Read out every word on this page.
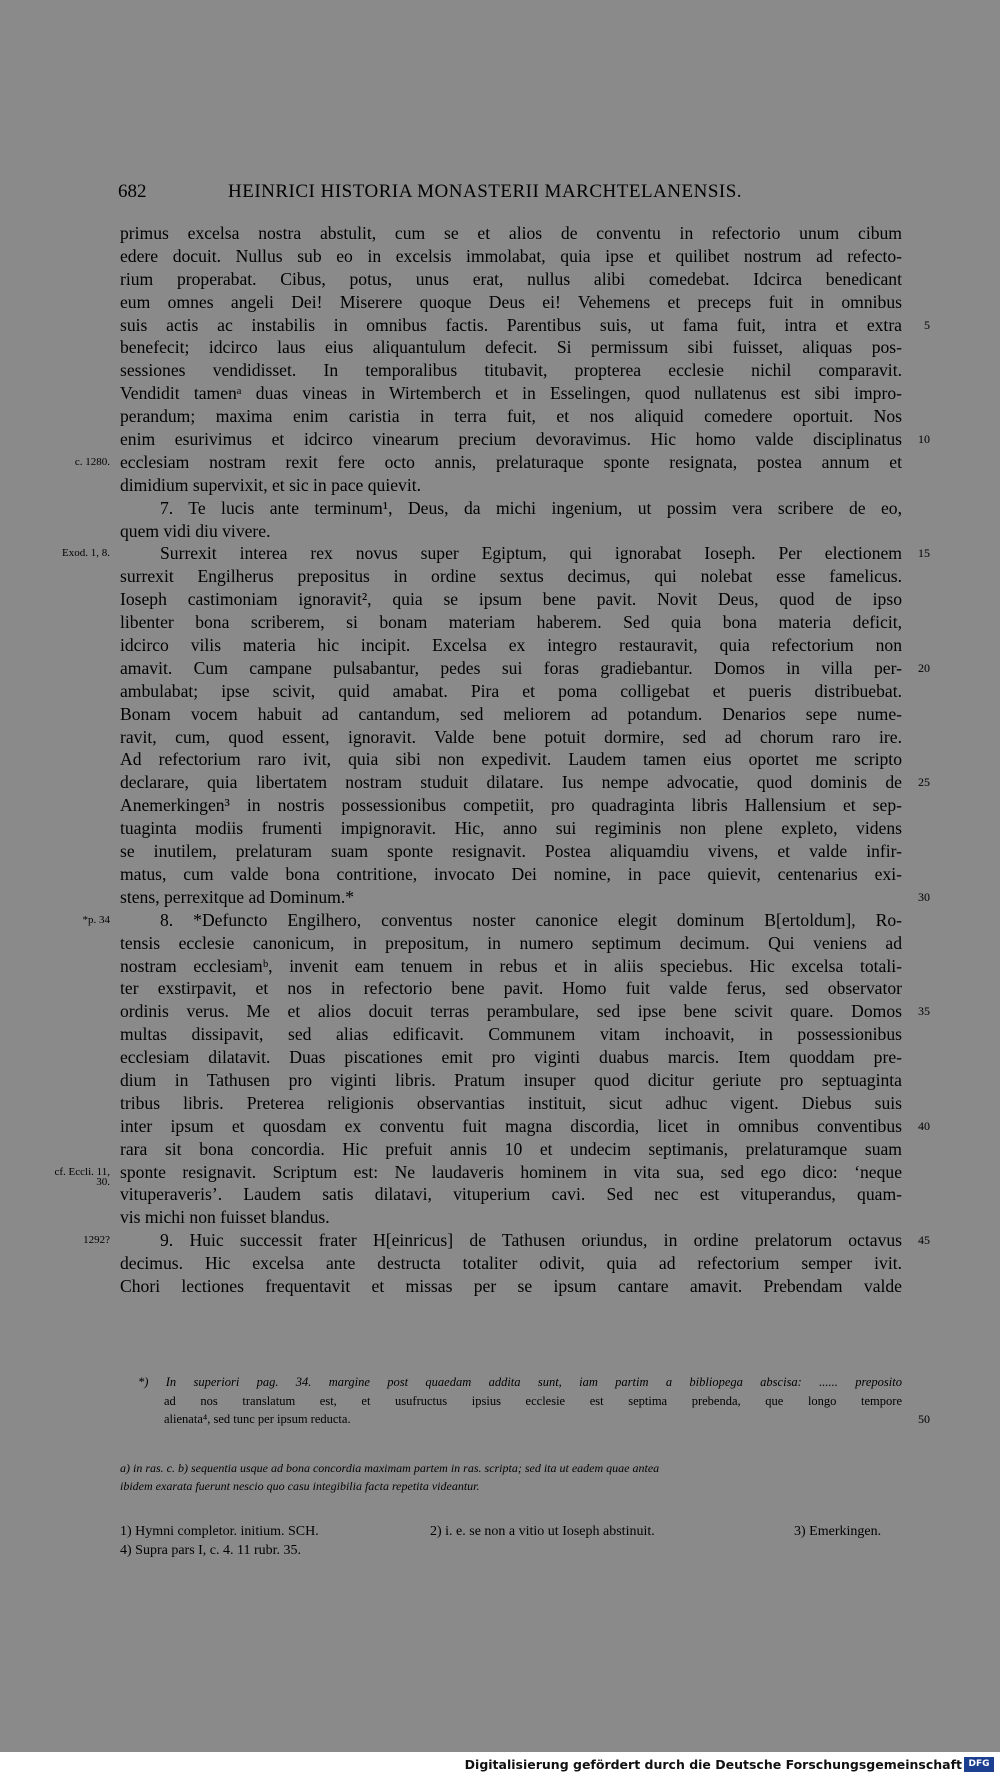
682	HEINRICI HISTORIA MONASTERII MARCHTELANENSIS.
primus excelsa nostra abstulit, cum se et alios de conventu in refectorio unum cibum
edere docuit. Nullus sub eo in excelsis immolabat, quia ipse et quilibet nostrum ad refecto-
rium properabat. Cibus, potus, unus erat, nullus alibi comedebat. Idcirca benedicant
eum omnes angeli Dei! Miserere quoque Deus ei! Vehemens et preceps fuit in omnibus
suis actis ac instabilis in omnibus factis. Parentibus suis, ut fama fuit, intra et extra	5
benefecit; idcirco laus eius aliquantulum defecit. Si permissum sibi fuisset, aliquas pos-
sessiones vendidisset. In temporalibus titubavit, propterea ecclesie nichil comparavit.
Vendidit tamenᵃ duas vineas in Wirtemberch et in Esselingen, quod nullatenus est sibi impro-
perandum; maxima enim caristia in terra fuit, et nos aliquid comedere oportuit. Nos
enim esurivimus et idcirco vinearum precium devoravimus. Hic homo valde disciplinatus	10
c. 1280. ecclesiam nostram rexit fere octo annis, prelaturaque sponte resignata, postea annum et
dimidium supervixit, et sic in pace quievit.
7. Te lucis ante terminum¹, Deus, da michi ingenium, ut possim vera scribere de eo,
quem vidi diu vivere.
Exod. 1, 8.	Surrexit interea rex novus super Egiptum, qui ignorabat Ioseph. Per electionem	15
surrexit Engilherus prepositus in ordine sextus decimus, qui nolebat esse famelicus.
Ioseph castimoniam ignoravit², quia se ipsum bene pavit. Novit Deus, quod de ipso
libenter bona scriberem, si bonam materiam haberem. Sed quia bona materia deficit,
idcirco vilis materia hic incipit. Excelsa ex integro restauravit, quia refectorium non
amavit. Cum campane pulsabantur, pedes sui foras gradiebantur. Domos in villa per-	20
ambulabat; ipse scivit, quid amabat. Pira et poma colligebat et pueris distribuebat.
Bonam vocem habuit ad cantandum, sed meliorem ad potandum. Denarios sepe nume-
ravit, cum, quod essent, ignoravit. Valde bene potuit dormire, sed ad chorum raro ire.
Ad refectorium raro ivit, quia sibi non expedivit. Laudem tamen eius oportet me scripto
declarare, quia libertatem nostram studuit dilatare. Ius nempe advocatie, quod dominis de	25
Anemerkingen³ in nostris possessionibus competiit, pro quadraginta libris Hallensium et sep-
tuaginta modiis frumenti impignoravit. Hic, anno sui regiminis non plene expleto, videns
se inutilem, prelaturam suam sponte resignavit. Postea aliquamdiu vivens, et valde infir-
matus, cum valde bona contritione, invocato Dei nomine, in pace quievit, centenarius exi-
stens, perrexitque ad Dominum.*	30
*p. 34	8. *Defuncto Engilhero, conventus noster canonice elegit dominum B[ertoldum], Ro-
tensis ecclesie canonicum, in prepositum, in numero septimum decimum. Qui veniens ad
nostram ecclesiamᵇ, invenit eam tenuem in rebus et in aliis speciebus. Hic excelsa totali-
ter exstirpavit, et nos in refectorio bene pavit. Homo fuit valde ferus, sed observator
ordinis verus. Me et alios docuit terras perambulare, sed ipse bene scivit quare. Domos	35
multas dissipavit, sed alias edificavit. Communem vitam inchoavit, in possessionibus
ecclesiam dilatavit. Duas piscationes emit pro viginti duabus marcis. Item quoddam pre-
dium in Tathusen pro viginti libris. Pratum insuper quod dicitur geriute pro septuaginta
tribus libris. Preterea religionis observantias instituit, sicut adhuc vigent. Diebus suis
inter ipsum et quosdam ex conventu fuit magna discordia, licet in omnibus conventibus	40
rara sit bona concordia. Hic prefuit annis 10 et undecim septimanis, prelaturamque suam
cf. Eccli. 11,
30. sponte resignavit. Scriptum est: Ne laudaveris hominem in vita sua, sed ego dico: ‘neque
vituperaveris’. Laudem satis dilatavi, vituperium cavi. Sed nec est vituperandus, quam-
vis michi non fuisset blandus.
1292?	9. Huic successit frater H[einricus] de Tathusen oriundus, in ordine prelatorum octavus	45
decimus. Hic excelsa ante destructa totaliter odivit, quia ad refectorium semper ivit.
Chori lectiones frequentavit et missas per se ipsum cantare amavit. Prebendam valde
*) In superiori pag. 34. margine post quaedam addita sunt, iam partim a bibliopega abscisa: ...... preposito
ad nos translatum est, et usufructus ipsius ecclesie est septima prebenda, que longo tempore
alienata⁴, sed tunc per ipsum reducta.	50
a) in ras. c. b) sequentia usque ad bona concordia maximam partem in ras. scripta; sed ita ut eadem quae antea
ibidem exarata fuerunt nescio quo casu integibilia facta repetita videantur.
1) Hymni completor. initium. SCH.	2) i. e. se non a vitio ut Ioseph abstinuit.	3) Emerkingen.
4) Supra pars I, c. 4. 11 rubr. 35.
Digitalisierung gefördert durch die Deutsche Forschungsgemeinschaft DFG
